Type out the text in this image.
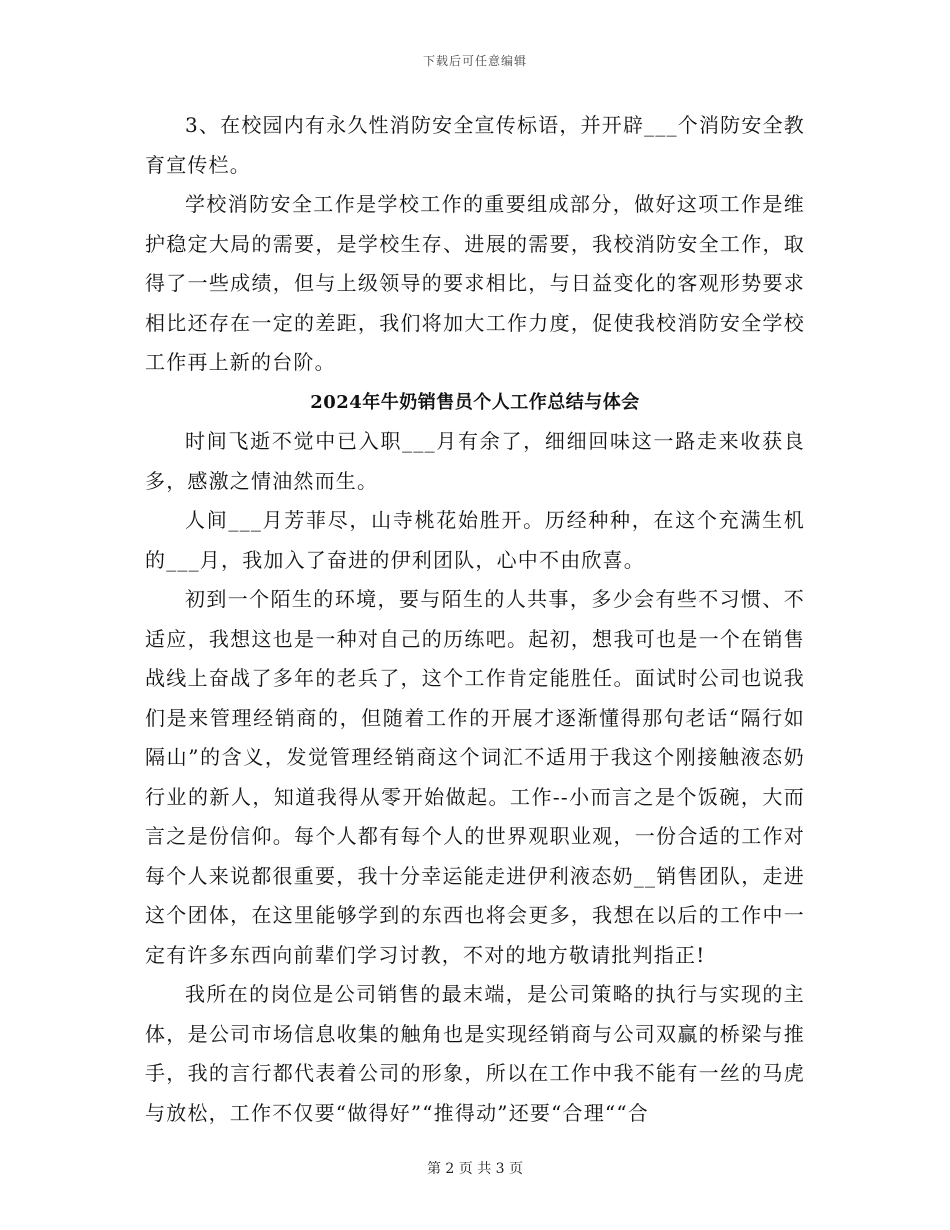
下载后可任意编辑

3、在校园内有永久性消防安全宣传标语，并开辟___个消防安全教育宣传栏。

学校消防安全工作是学校工作的重要组成部分，做好这项工作是维护稳定大局的需要，是学校生存、进展的需要，我校消防安全工作，取得了一些成绩，但与上级领导的要求相比，与日益变化的客观形势要求相比还存在一定的差距，我们将加大工作力度，促使我校消防安全学校工作再上新的台阶。

2024年牛奶销售员个人工作总结与体会

时间飞逝不觉中已入职___月有余了，细细回味这一路走来收获良多，感激之情油然而生。

人间___月芳菲尽，山寺桃花始胜开。历经种种，在这个充满生机的___月，我加入了奋进的伊利团队，心中不由欣喜。

初到一个陌生的环境，要与陌生的人共事，多少会有些不习惯、不适应，我想这也是一种对自己的历练吧。起初，想我可也是一个在销售战线上奋战了多年的老兵了，这个工作肯定能胜任。面试时公司也说我们是来管理经销商的，但随着工作的开展才逐渐懂得那句老话“隔行如隔山”的含义，发觉管理经销商这个词汇不适用于我这个刚接触液态奶行业的新人，知道我得从零开始做起。工作--小而言之是个饭碗，大而言之是份信仰。每个人都有每个人的世界观职业观，一份合适的工作对每个人来说都很重要，我十分幸运能走进伊利液态奶__销售团队，走进这个团体，在这里能够学到的东西也将会更多，我想在以后的工作中一定有许多东西向前辈们学习讨教，不对的地方敬请批判指正!

我所在的岗位是公司销售的最末端，是公司策略的执行与实现的主体，是公司市场信息收集的触角也是实现经销商与公司双赢的桥梁与推手，我的言行都代表着公司的形象，所以在工作中我不能有一丝的马虎与放松，工作不仅要“做得好”“推得动”还要“合理““合

第 2 页 共 3 页
